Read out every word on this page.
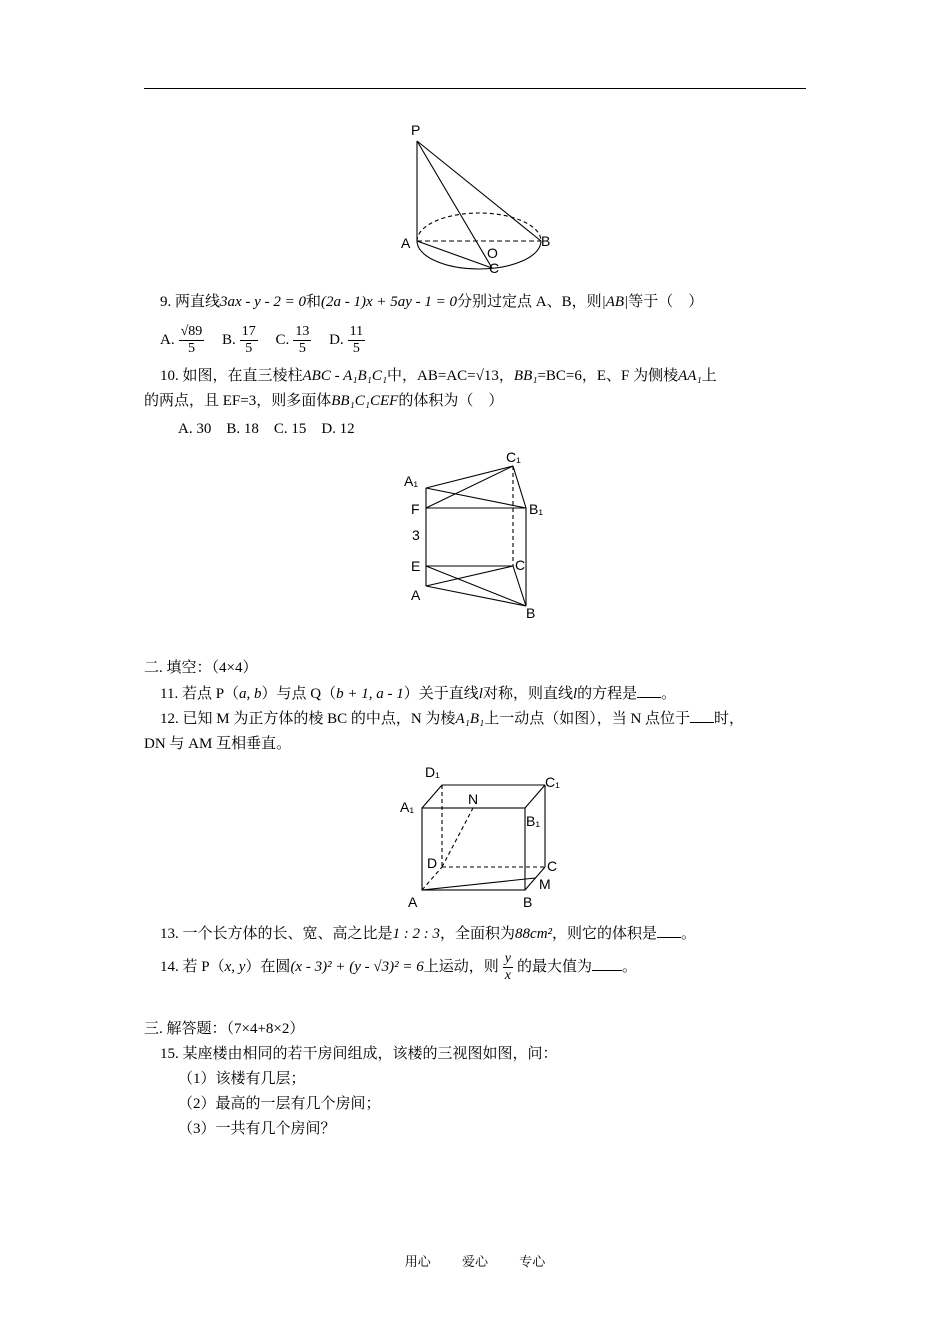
P
A	B
O
C
9. 两直线3ax - y - 2 = 0和(2a - 1)x + 5ay - 1 = 0分别过定点 A、B，则|AB|等于（　）
A. $\frac{√89}{5} B$. $\frac{17}{5} C$. $\frac{13}{5} D$. $\frac{11}{5}$
10. 如图，在直三棱柱ABC - A₁B₁C₁中，AB=AC=√13，BB₁=BC=6，E、F 为侧棱AA₁上
的两点，且 EF=3，则多面体BB₁C₁CEF的体积为（　）
A. 30　B. 18　C. 15　D. 12
A₁
C₁
B₁
F
3
E	C
A
B
二. 填空：（4×4）
11. 若点 P（a, b）与点 Q（b + 1, a - 1）关于直线l对称，则直线l的方程是 。
12. 已知 M 为正方体的棱 BC 的中点，N 为棱A₁B₁上一动点（如图），当 N 点位于 时，
DN 与 AM 互相垂直。
D₁
C₁
A₁	N
B₁
D	C
M
A	B
13. 一个长方体的长、宽、高之比是1 : 2 : 3，全面积为88cm²，则它的体积是 。
14. 若 P（x, y）在圆(x - 3)² + (y - √3)² = 6上运动，则 $\frac{y}{x}$ 的最大值为 。
三. 解答题：（7×4+8×2）
15. 某座楼由相同的若干房间组成，该楼的三视图如图，问：
（1）该楼有几层；
（2）最高的一层有几个房间；
（3）一共有几个房间？
用心 爱心 专心
